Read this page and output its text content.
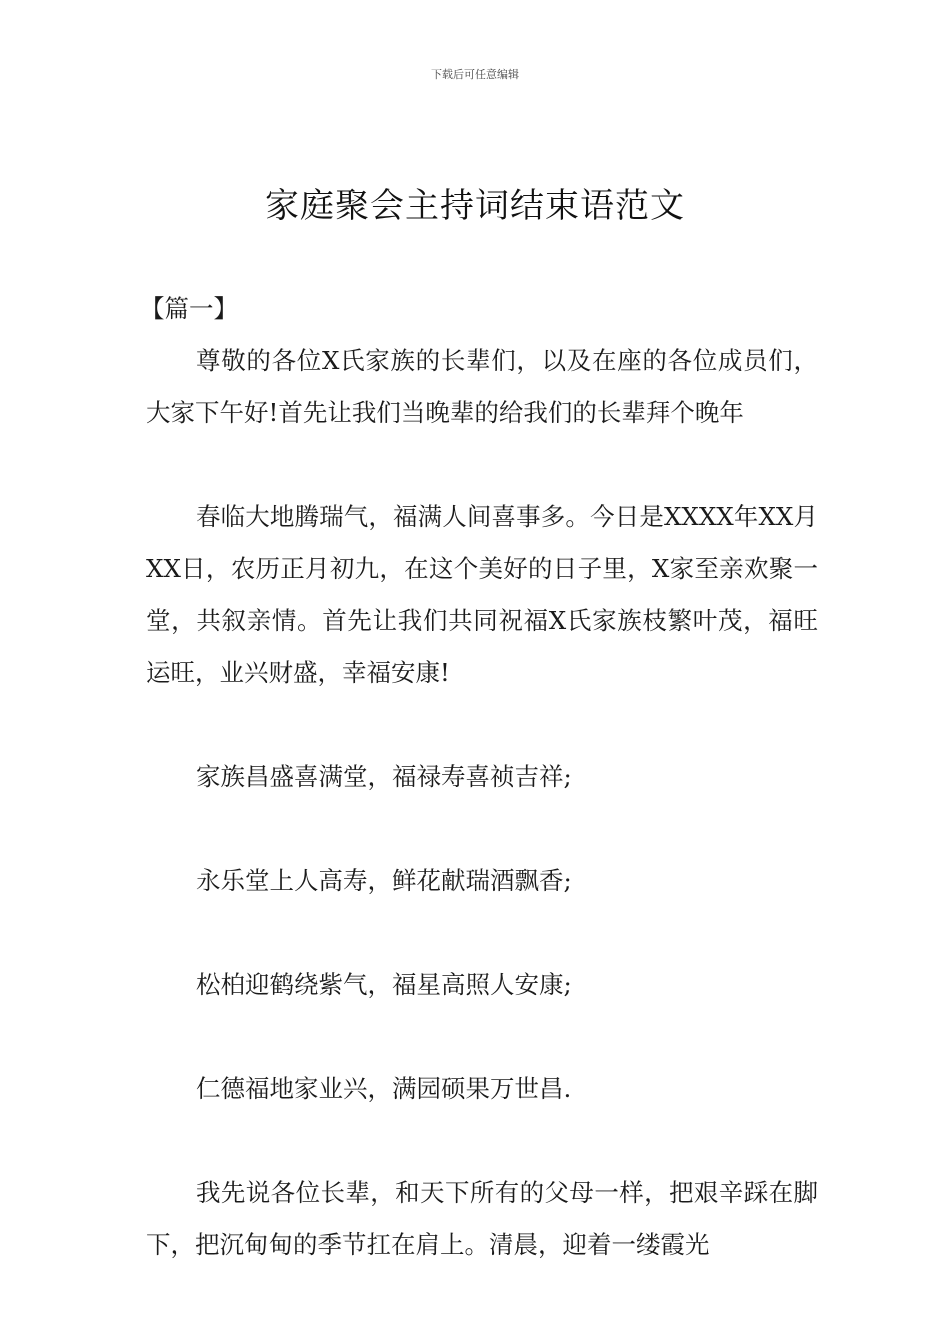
下载后可任意编辑
家庭聚会主持词结束语范文
【篇一】

尊敬的各位X氏家族的长辈们，以及在座的各位成员们，大家下午好!首先让我们当晚辈的给我们的长辈拜个晚年

春临大地腾瑞气，福满人间喜事多。今日是XXXX年XX月XX日，农历正月初九，在这个美好的日子里，X家至亲欢聚一堂，共叙亲情。首先让我们共同祝福X氏家族枝繁叶茂，福旺运旺，业兴财盛，幸福安康!

家族昌盛喜满堂，福禄寿喜祯吉祥;

永乐堂上人高寿，鲜花献瑞酒飘香;

松柏迎鹤绕紫气，福星高照人安康;

仁德福地家业兴，满园硕果万世昌.

我先说各位长辈，和天下所有的父母一样，把艰辛踩在脚下，把沉甸甸的季节扛在肩上。清晨，迎着一缕霞光
